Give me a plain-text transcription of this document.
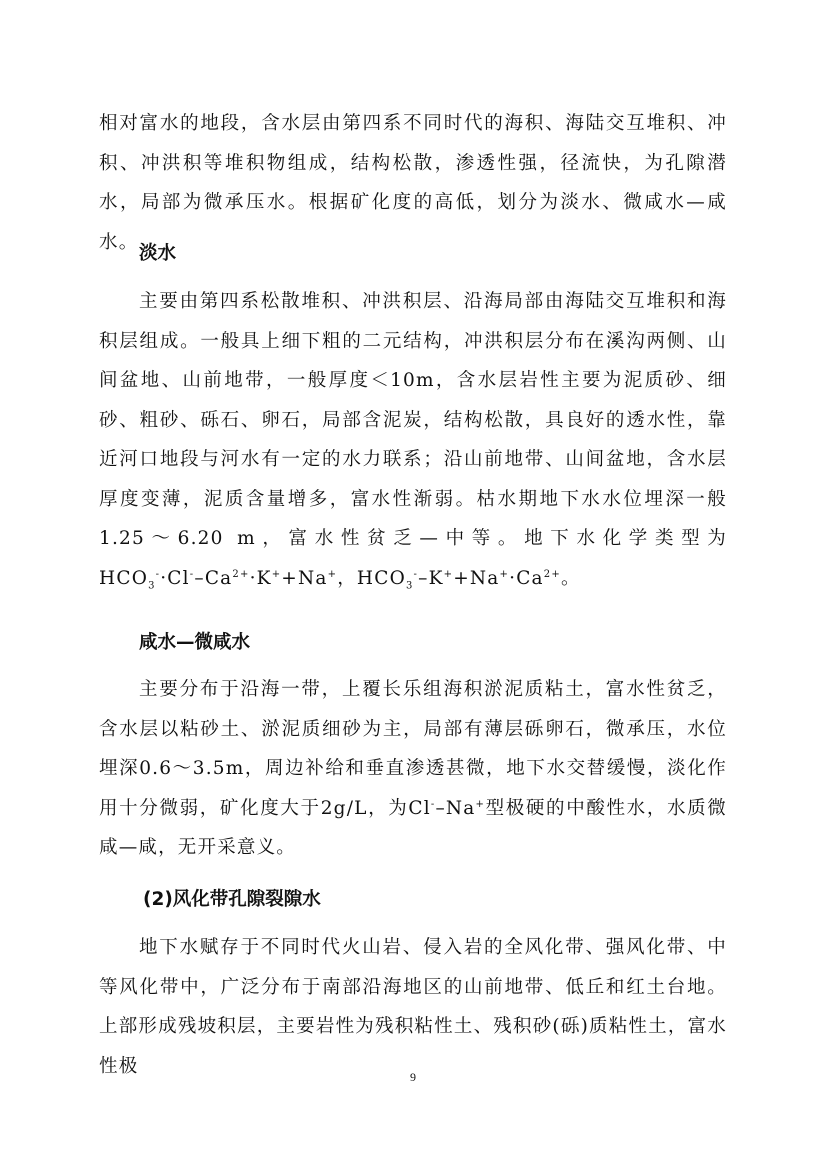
相对富水的地段，含水层由第四系不同时代的海积、海陆交互堆积、冲积、冲洪积等堆积物组成，结构松散，渗透性强，径流快，为孔隙潜水，局部为微承压水。根据矿化度的高低，划分为淡水、微咸水—咸水。

淡水

主要由第四系松散堆积、冲洪积层、沿海局部由海陆交互堆积和海积层组成。一般具上细下粗的二元结构，冲洪积层分布在溪沟两侧、山间盆地、山前地带，一般厚度＜10m，含水层岩性主要为泥质砂、细砂、粗砂、砾石、卵石，局部含泥炭，结构松散，具良好的透水性，靠近河口地段与河水有一定的水力联系；沿山前地带、山间盆地，含水层厚度变薄，泥质含量增多，富水性渐弱。枯水期地下水水位埋深一般1.25～6.20 m，富水性贫乏—中等。地下水化学类型为 $HCO_3^-\cdot Cl^--Ca^{2+}\cdot K^++Na^+$，$HCO_3^--K^++Na^+\cdot Ca^{2+}$。

咸水—微咸水

主要分布于沿海一带，上覆长乐组海积淤泥质粘土，富水性贫乏，含水层以粘砂土、淤泥质细砂为主，局部有薄层砾卵石，微承压，水位埋深0.6～3.5m，周边补给和垂直渗透甚微，地下水交替缓慢，淡化作用十分微弱，矿化度大于2g/L，为Cl-–Na+型极硬的中酸性水，水质微咸—咸，无开采意义。

(2)风化带孔隙裂隙水

地下水赋存于不同时代火山岩、侵入岩的全风化带、强风化带、中等风化带中，广泛分布于南部沿海地区的山前地带、低丘和红土台地。上部形成残坡积层，主要岩性为残积粘性土、残积砂(砾)质粘性土，富水性极

9
